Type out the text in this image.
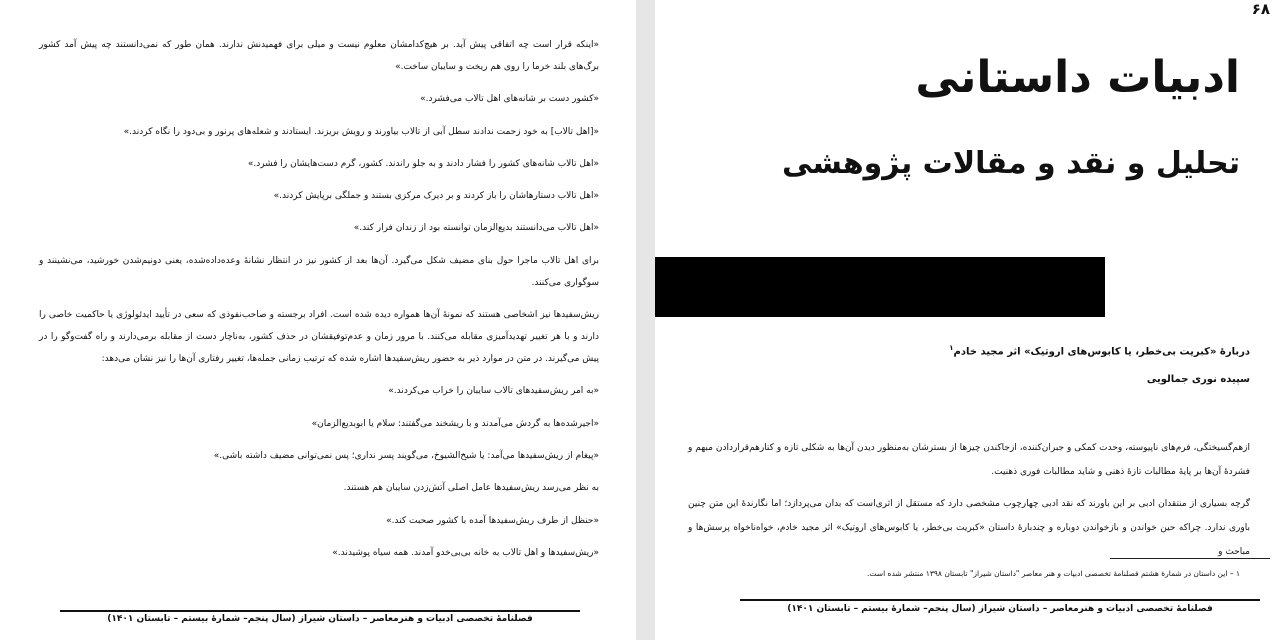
«اینکه قرار است چه اتفاقی پیش آید. بر هیچ‌کدامشان معلوم نیست و میلی برای فهمیدنش ندارند. همان طور که نمی‌دانستند چه پیش آمد کشور برگ‌های بلند خرما را روی هم ریخت و سایبان ساخت.»

«کشور دست بر شانه‌های اهل تالاب می‌فشرد.»

«[اهل تالاب] به خود زحمت ندادند سطل آبی از تالاب بیاورند و رویش بریزند. ایستادند و شعله‌های پرنور و بی‌دود را نگاه کردند.»

«اهل تالاب شانه‌های کشور را فشار دادند و به جلو راندند. کشور، گرم دست‌هایشان را فشرد.»

«اهل تالاب دستارهاشان را باز کردند و بر دیرک مرکزی بستند و جملگی برپایش کردند.»

«اهل تالاب می‌دانستند بدیع‌الزمان توانسته بود از زندان فرار کند.»

برای اهل تالاب ماجرا حول بنای مضیف شکل می‌گیرد. آن‌ها بعد از کشور نیز در انتظار نشانهٔ وعده‌داده‌شده، یعنی دونیم‌شدن خورشید، می‌نشینند و سوگواری می‌کنند.

ریش‌سفیدها نیز اشخاصی هستند که نمونهٔ آن‌ها همواره دیده شده است. افراد برجسته و صاحب‌نفوذی که سعی در تأیید ایدئولوژی یا حاکمیت خاصی را دارند و با هر تغییر تهدیدآمیزی مقابله می‌کنند. با مرور زمان و عدم‌توفیقشان در حذف کشور، به‌ناچار دست از مقابله برمی‌دارند و راه گفت‌وگو را در پیش می‌گیرند. در متن در موارد ذیر به حضور ریش‌سفیدها اشاره شده که ترتیب زمانی جمله‌ها، تغییر رفتاری آن‌ها را نیز نشان می‌دهد:

«به امر ریش‌سفیدهای تالاب سایبان را خراب می‌کردند.»

«اجیرشده‌ها به گردش می‌آمدند و با ریشخند می‌گفتند: سلام یا ابوبدیع‌الزمان»

«پیغام از ریش‌سفیدها می‌آمد: یا شیخ‌الشیوخ، می‌گویند پسر نداری؛ پس نمی‌توانی مضیف داشته باشی.»

به نظر می‌رسد ریش‌سفیدها عامل اصلی آتش‌زدن سایبان هم هستند.

«حنظل از طرف ریش‌سفیدها آمده با کشور صحبت کند.»

«ریش‌سفیدها و اهل تالاب به خانه بی‌بی‌خدو آمدند. همه سیاه پوشیدند.»

فصلنامهٔ تخصصی ادبیات و هنرمعاصر – داستان شیراز (سال پنجم– شمارهٔ بیستم – تابستان ۱۴۰۱)
۶۸
ادبیات داستانی
تحلیل و نقد و مقالات پژوهشی
دربارهٔ «کبریت بی‌خطر، یا کابوس‌های اروتیک» اثر مجید خادم$^۱$
سپیده نوری جمالویی

ازهم‌گسیختگی، فرم‌های ناپیوسته، وحدت کمکی و جبران‌کننده، ازجاکندن چیزها از بسترشان به‌منظور دیدن آن‌ها به شکلی تازه و کنارهم‌قراردادن مبهم و فشردهٔ آن‌ها بر پایهٔ مطالبات تازهٔ ذهنی و شاید مطالبات فوری ذهنیت.

گرچه بسیاری از منتقدان ادبی بر این باورند که نقد ادبی چهارچوب مشخصی دارد که مستقل از اثری‌است که بدان می‌پردازد؛ اما نگارندهٔ این متن چنین باوری ندارد. چراکه حین خواندن و بازخواندن دوباره و چندبارهٔ داستان «کبریت بی‌خطر، یا کابوس‌های اروتیک» اثر مجید خادم، خواه‌ناخواه پرسش‌ها و مباحث و

۱ – این داستان در شمارهٔ هشتم فصلنامهٔ تخصصی ادبیات و هنر معاصر "داستان شیراز" تابستان ۱۳۹۸ منتشر شده است.
فصلنامهٔ تخصصی ادبیات و هنرمعاصر – داستان شیراز (سال پنجم– شمارهٔ بیستم – تابستان ۱۴۰۱)
